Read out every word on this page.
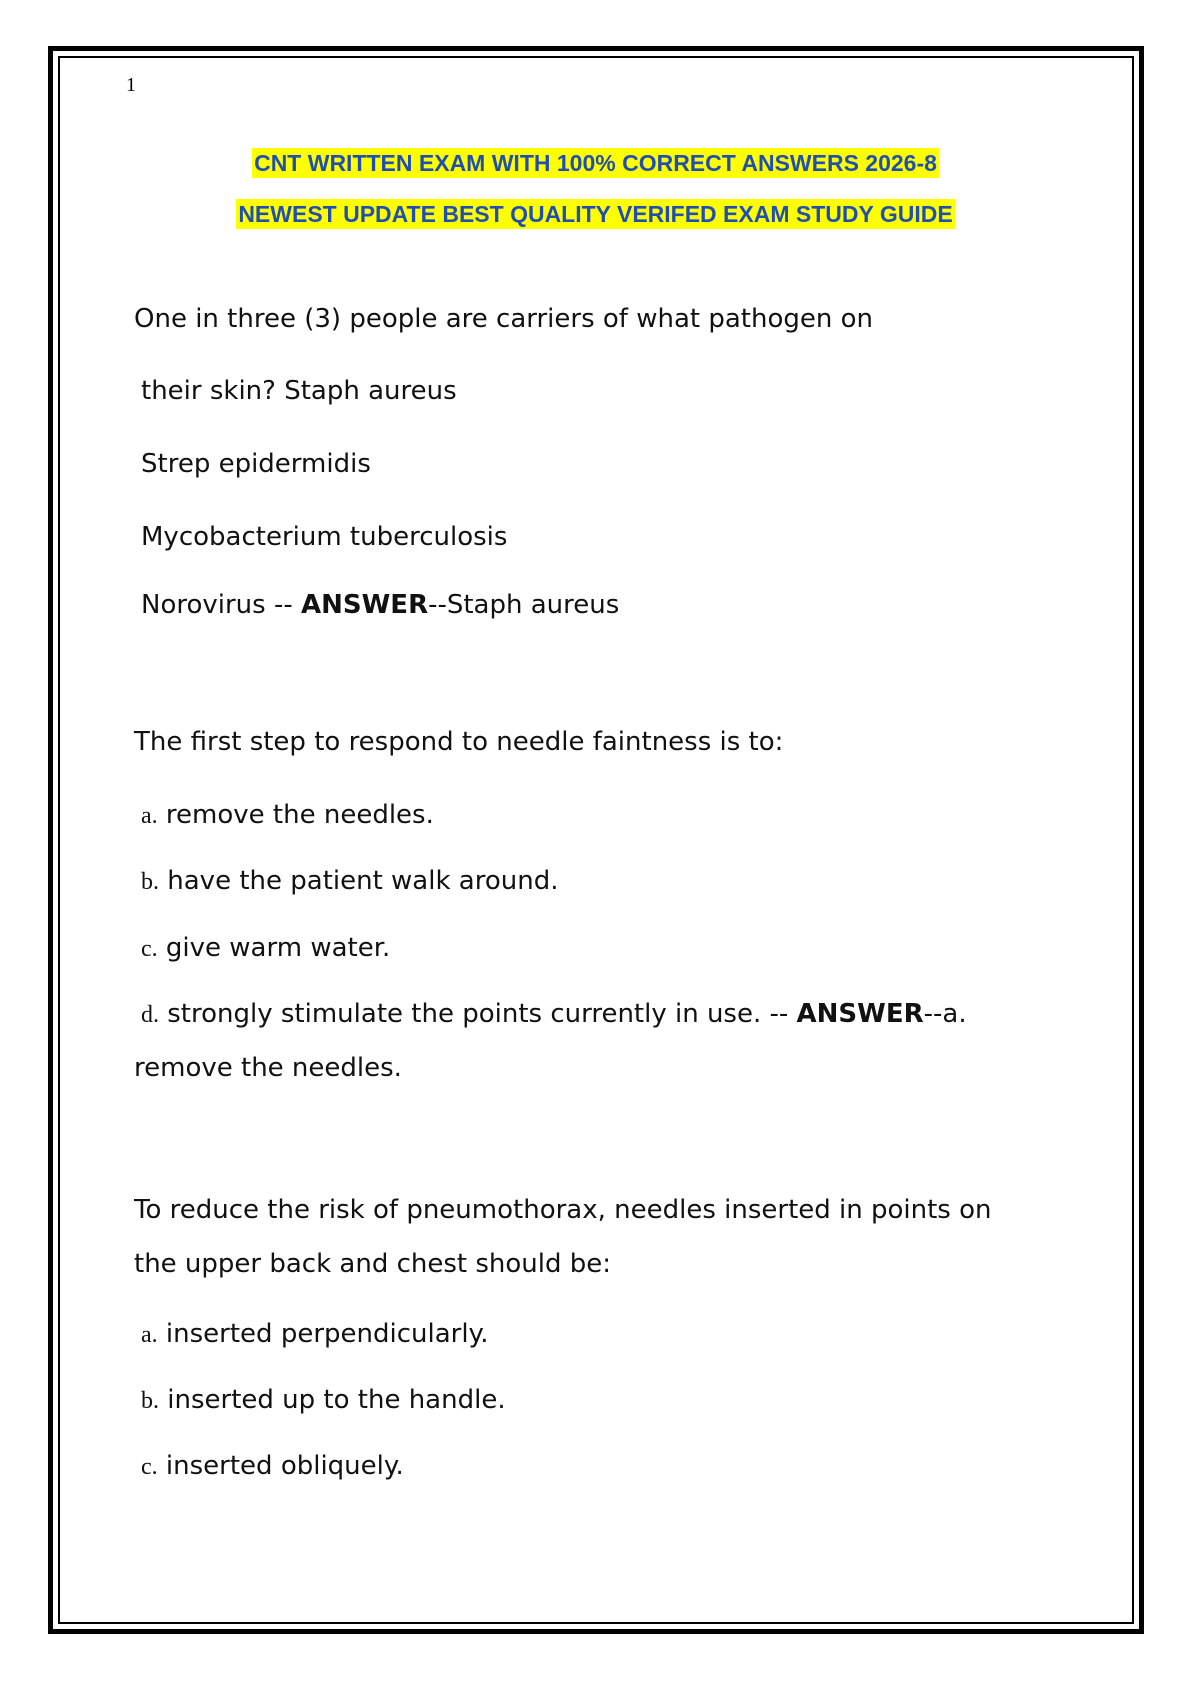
1
CNT WRITTEN EXAM WITH 100% CORRECT ANSWERS 2026-8
NEWEST UPDATE BEST QUALITY VERIFED EXAM STUDY GUIDE
One in three (3) people are carriers of what pathogen on
their skin? Staph aureus
Strep epidermidis
Mycobacterium tuberculosis
Norovirus -- ANSWER--Staph aureus
The first step to respond to needle faintness is to:
a. remove the needles.
b. have the patient walk around.
c. give warm water.
d. strongly stimulate the points currently in use. -- ANSWER--a.
remove the needles.
To reduce the risk of pneumothorax, needles inserted in points on
the upper back and chest should be:
a. inserted perpendicularly.
b. inserted up to the handle.
c. inserted obliquely.
